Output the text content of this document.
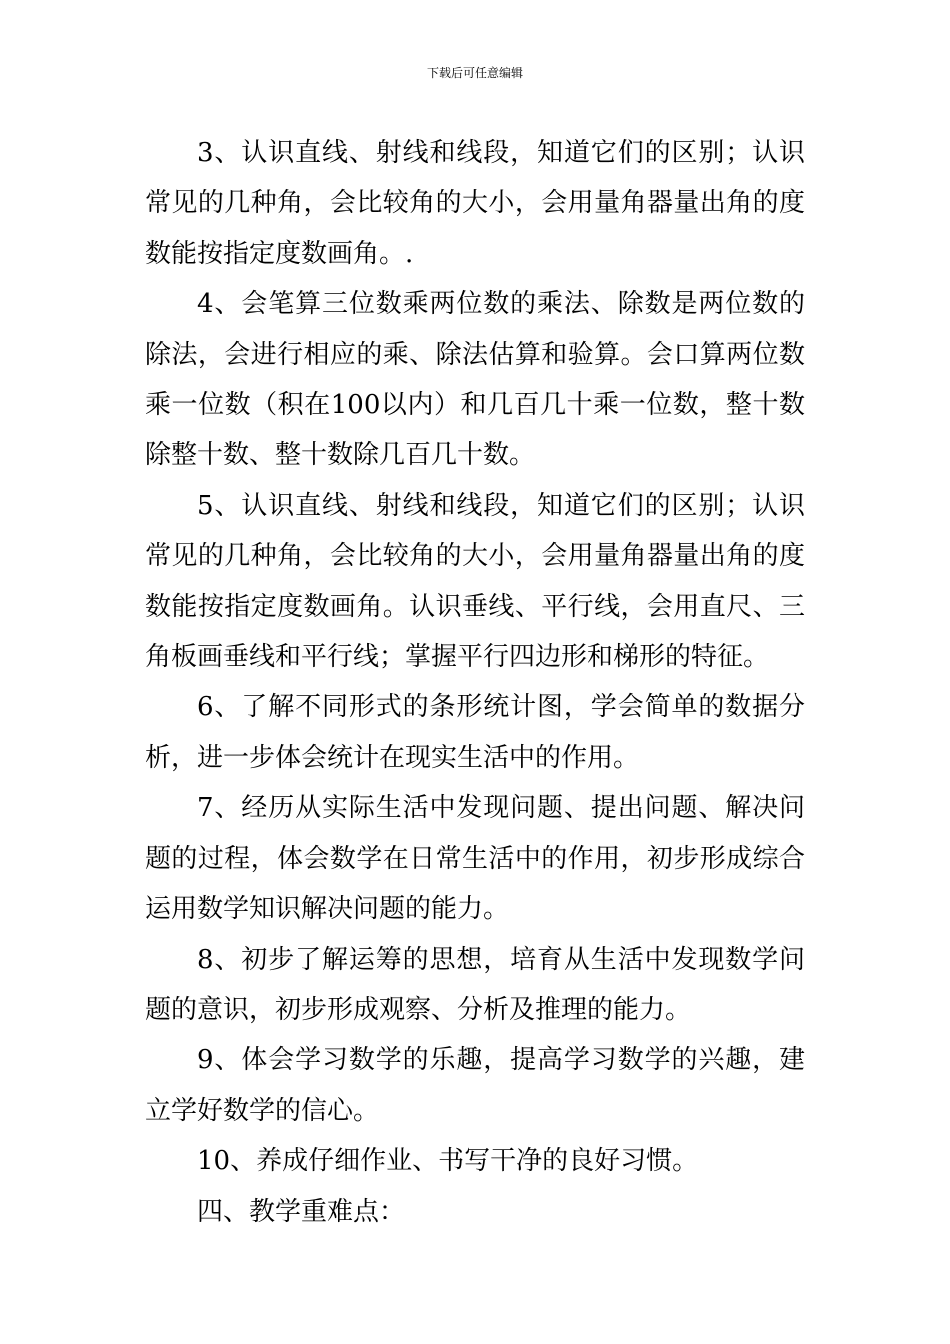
下载后可任意编辑

3、认识直线、射线和线段，知道它们的区别；认识常见的几种角，会比较角的大小，会用量角器量出角的度数能按指定度数画角。.

4、会笔算三位数乘两位数的乘法、除数是两位数的除法，会进行相应的乘、除法估算和验算。会口算两位数乘一位数（积在100以内）和几百几十乘一位数，整十数除整十数、整十数除几百几十数。

5、认识直线、射线和线段，知道它们的区别；认识常见的几种角，会比较角的大小，会用量角器量出角的度数能按指定度数画角。认识垂线、平行线，会用直尺、三角板画垂线和平行线；掌握平行四边形和梯形的特征。

6、了解不同形式的条形统计图，学会简单的数据分析，进一步体会统计在现实生活中的作用。

7、经历从实际生活中发现问题、提出问题、解决问题的过程，体会数学在日常生活中的作用，初步形成综合运用数学知识解决问题的能力。

8、初步了解运筹的思想，培育从生活中发现数学问题的意识，初步形成观察、分析及推理的能力。

9、体会学习数学的乐趣，提高学习数学的兴趣，建立学好数学的信心。

10、养成仔细作业、书写干净的良好习惯。

四、教学重难点：
